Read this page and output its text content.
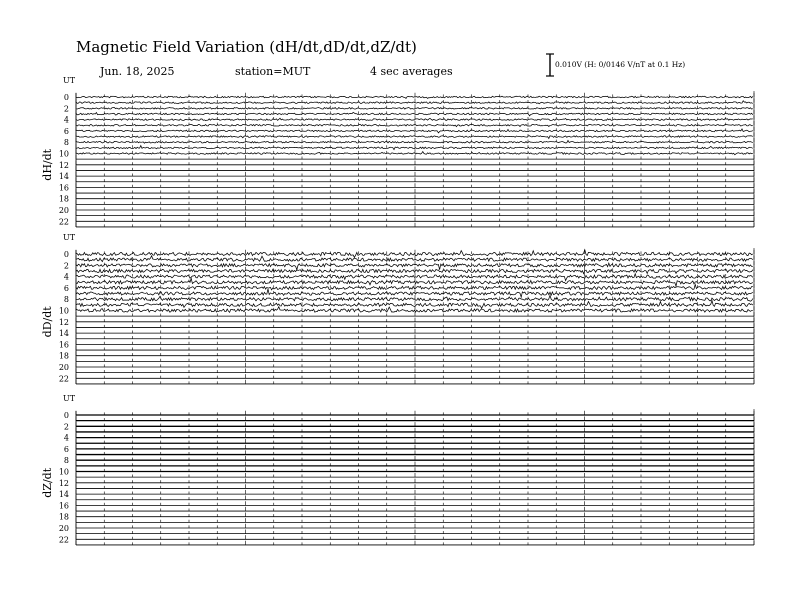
Magnetic Field Variation (dH/dt,dD/dt,dZ/dt)
Jun. 18, 2025	station=MUT	4 sec averages
0.010V (H: 0/0146 V/nT at 0.1 Hz)
UT
dH/dt
0
2
4
6
8
10
12
14
16
18
20
22
UT
dD/dt
0
2
4
6
8
10
12
14
16
18
20
22
UT
dZ/dt
0
2
4
6
8
10
12
14
16
18
20
22
